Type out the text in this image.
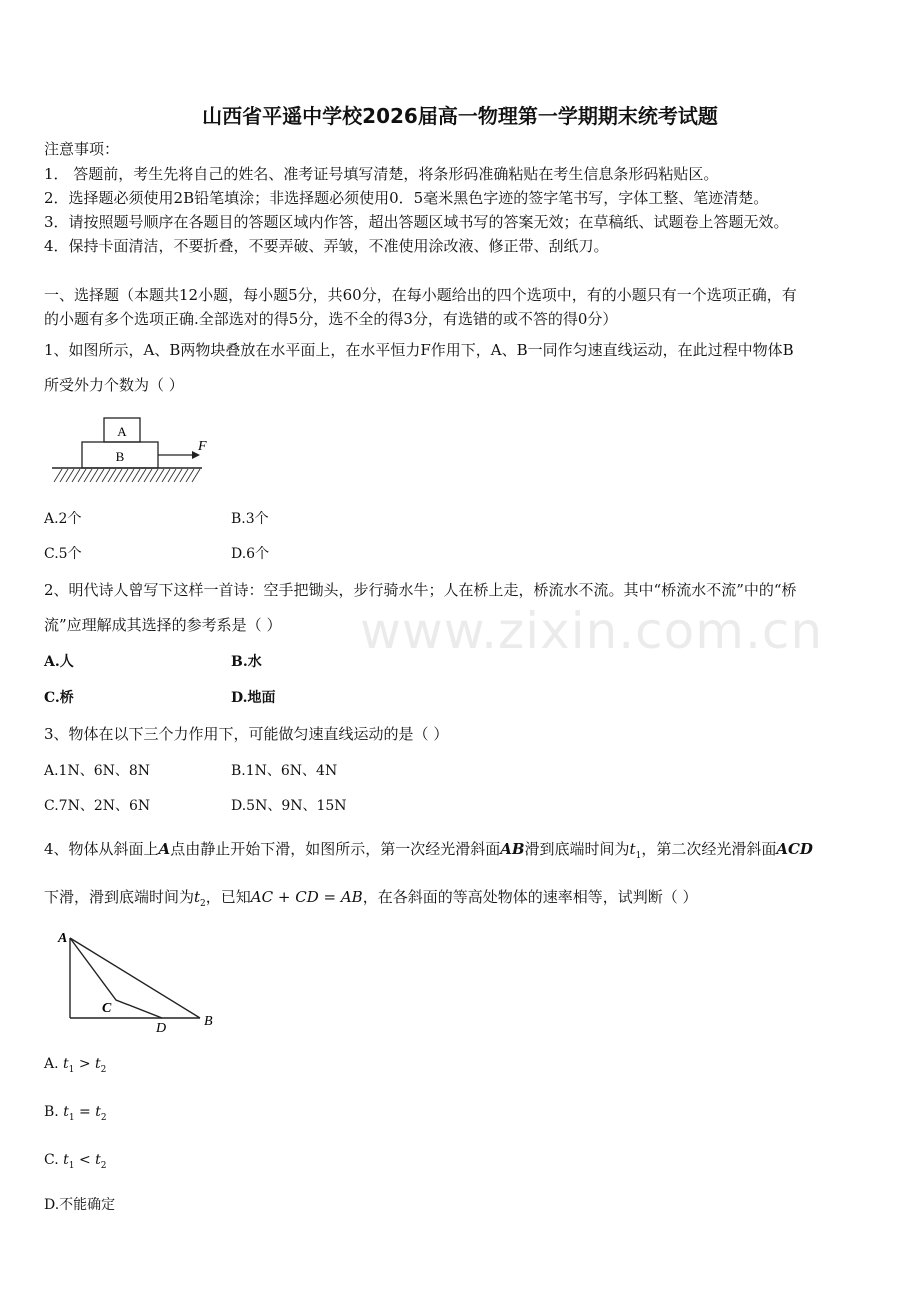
山西省平遥中学校2026届高一物理第一学期期末统考试题
注意事项：
1． 答题前，考生先将自己的姓名、准考证号填写清楚，将条形码准确粘贴在考生信息条形码粘贴区。
2．选择题必须使用2B铅笔填涂；非选择题必须使用0．5毫米黑色字迹的签字笔书写，字体工整、笔迹清楚。
3．请按照题号顺序在各题目的答题区域内作答，超出答题区域书写的答案无效；在草稿纸、试题卷上答题无效。
4．保持卡面清洁，不要折叠，不要弄破、弄皱，不准使用涂改液、修正带、刮纸刀。
一、选择题（本题共12小题，每小题5分，共60分，在每小题给出的四个选项中，有的小题只有一个选项正确，有
的小题有多个选项正确.全部选对的得5分，选不全的得3分，有选错的或不答的得0分）
1、如图所示，A、B两物块叠放在水平面上，在水平恒力F作用下，A、B一同作匀速直线运动，在此过程中物体B
所受外力个数为（ ）
A
B
F
A.2个	B.3个
C.5个	D.6个
www.zixin.com.cn
2、明代诗人曾写下这样一首诗：空手把锄头，步行骑水牛；人在桥上走，桥流水不流。其中“桥流水不流”中的“桥
流”应理解成其选择的参考系是（ ）
A.人	B.水
C.桥	D.地面
3、物体在以下三个力作用下，可能做匀速直线运动的是（ ）
A.1N、6N、8N	B.1N、6N、4N
C.7N、2N、6N	D.5N、9N、15N
4、物体从斜面上A点由静止开始下滑，如图所示，第一次经光滑斜面AB滑到底端时间为$t_1$，第二次经光滑斜面ACD
下滑，滑到底端时间为$t_2$，已知AC + CD = AB，在各斜面的等高处物体的速率相等，试判断（ ）
A
C
D	B
A. $t_1 > t_2$
B. $t_1 = t_2$
C. $t_1 < t_2$
D.不能确定
